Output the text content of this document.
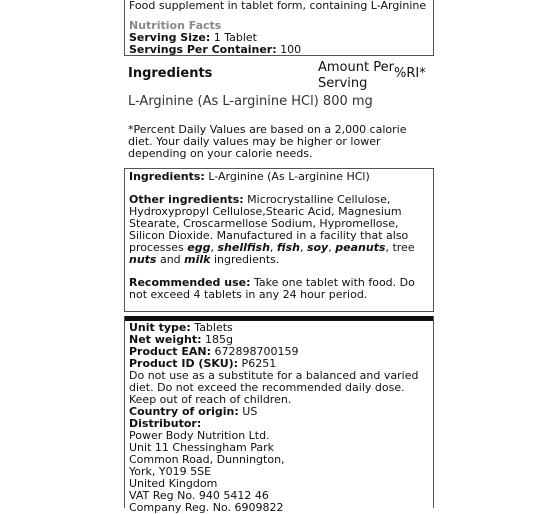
Food supplement in tablet form, containing L-Arginine
Nutrition Facts
Serving Size: 1 Tablet
Servings Per Container: 100
Ingredients	Amount Per Serving
%RI*
L-Arginine (As L-arginine HCl) 800 mg
*Percent Daily Values are based on a 2,000 calorie diet. Your daily values may be higher or lower depending on your calorie needs.

Ingredients: L-Arginine (As L-arginine HCl)

Other ingredients: Microcrystalline Cellulose, Hydroxypropyl Cellulose,Stearic Acid, Magnesium Stearate, Croscarmellose Sodium, Hypromellose, Silicon Dioxide. Manufactured in a facility that also processes egg, shellfish, fish, soy, peanuts, tree nuts and milk ingredients.

Recommended use: Take one tablet with food. Do not exceed 4 tablets in any 24 hour period.

Unit type: Tablets
Net weight: 185g
Product EAN: 672898700159
Product ID (SKU): P6251
Do not use as a substitute for a balanced and varied diet. Do not exceed the recommended daily dose. Keep out of reach of children.
Country of origin: US
Distributor:
Power Body Nutrition Ltd.
Unit 11 Chessingham Park
Common Road, Dunnington,
York, Y019 5SE
United Kingdom
VAT Reg No. 940 5412 46
Company Reg. No. 6909822
